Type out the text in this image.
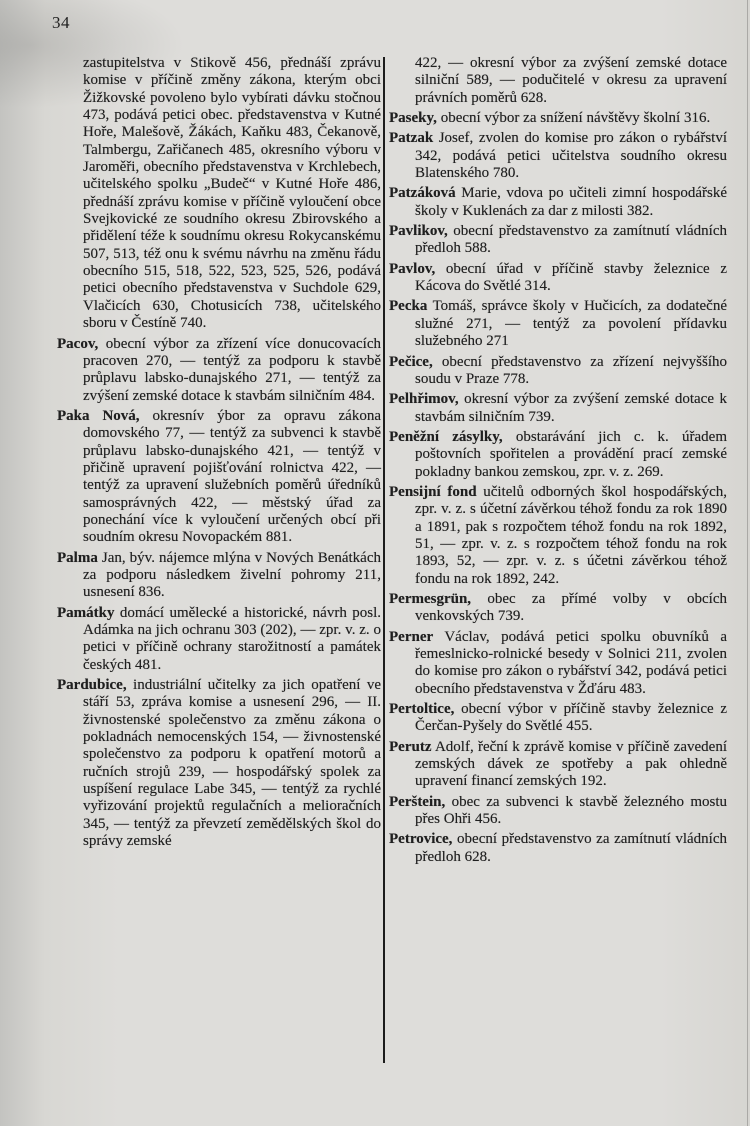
34

zastupitelstva v Stikově 456, přednáší zprávu komise v příčině změny zákona, kterým obci Žižkovské povoleno bylo vybírati dávku stočnou 473, podává petici obec. představenstva v Kutné Hoře, Malešově, Žákách, Kaňku 483, Čekanově, Talmbergu, Zařičanech 485, okresního výboru v Jaroměři, obecního představenstva v Krchlebech, učitelského spolku „Budeč“ v Kutné Hoře 486, přednáší zprávu komise v příčině vyloučení obce Svejkovické ze soudního okresu Zbirovského a přidělení téže k soudnímu okresu Rokycanskému 507, 513, též onu k svému návrhu na změnu řádu obecního 515, 518, 522, 523, 525, 526, podává petici obecního představenstva v Suchdole 629, Vlačicích 630, Chotusicích 738, učitelského sboru v Čestíně 740.

Pacov, obecní výbor za zřízení více donucovacích pracoven 270, — tentýž za podporu k stavbě průplavu labsko-dunajského 271, — tentýž za zvýšení zemské dotace k stavbám silničním 484.

Paka Nová, okresnív ýbor za opravu zákona domovského 77, — tentýž za subvenci k stavbě průplavu labsko-dunajského 421, — tentýž v přičině upravení pojišťování rolnictva 422, — tentýž za upravení služebních poměrů úředníků samosprávných 422, — městský úřad za ponechání více k vyloučení určených obcí při soudním okresu Novopackém 881.

Palma Jan, býv. nájemce mlýna v Nových Benátkách za podporu následkem živelní pohromy 211, usnesení 836.

Památky domácí umělecké a historické, návrh posl. Adámka na jich ochranu 303 (202), — zpr. v. z. o petici v příčině ochrany starožitností a památek českých 481.

Pardubice, industriální učitelky za jich opatření ve stáří 53, zpráva komise a usnesení 296, — II. živnostenské společenstvo za změnu zákona o pokladnách nemocenských 154, — živnostenské společenstvo za podporu k opatření motorů a ručních strojů 239, — hospodářský spolek za uspíšení regulace Labe 345, — tentýž za rychlé vyřizování projektů regulačních a melioračních 345, — tentýž za převzetí zemědělských škol do správy zemské

422, — okresní výbor za zvýšení zemské dotace silniční 589, — podučitelé v okresu za upravení právních poměrů 628.

Paseky, obecní výbor za snížení návštěvy školní 316.

Patzak Josef, zvolen do komise pro zákon o rybářství 342, podává petici učitelstva soudního okresu Blatenského 780.

Patzáková Marie, vdova po učiteli zimní hospodářské školy v Kuklenách za dar z milosti 382.

Pavlikov, obecní představenstvo za zamítnutí vládních předloh 588.

Pavlov, obecní úřad v příčině stavby železnice z Kácova do Světlé 314.

Pecka Tomáš, správce školy v Hučicích, za dodatečné služné 271, — tentýž za povolení přídavku služebného 271

Pečice, obecní představenstvo za zřízení nejvyššího soudu v Praze 778.

Pelhřimov, okresní výbor za zvýšení zemské dotace k stavbám silničním 739.

Peněžní zásylky, obstarávání jich c. k. úřadem poštovních spořitelen a provádění prací zemské pokladny bankou zemskou, zpr. v. z. 269.

Pensijní fond učitelů odborných škol hospodářských, zpr. v. z. s účetní závěrkou téhož fondu za rok 1890 a 1891, pak s rozpočtem téhož fondu na rok 1892, 51, — zpr. v. z. s rozpočtem téhož fondu na rok 1893, 52, — zpr. v. z. s účetni závěrkou téhož fondu na rok 1892, 242.

Permesgrün, obec za přímé volby v obcích venkovských 739.

Perner Václav, podává petici spolku obuvníků a řemeslnicko-rolnické besedy v Solnici 211, zvolen do komise pro zákon o rybářství 342, podává petici obecního představenstva v Žďáru 483.

Pertoltice, obecní výbor v příčině stavby železnice z Čerčan-Pyšely do Světlé 455.

Perutz Adolf, řeční k zprávě komise v příčině zavedení zemských dávek ze spotřeby a pak ohledně upravení financí zemských 192.

Perštein, obec za subvenci k stavbě železného mostu přes Ohři 456.

Petrovice, obecní představenstvo za zamítnutí vládních předloh 628.
